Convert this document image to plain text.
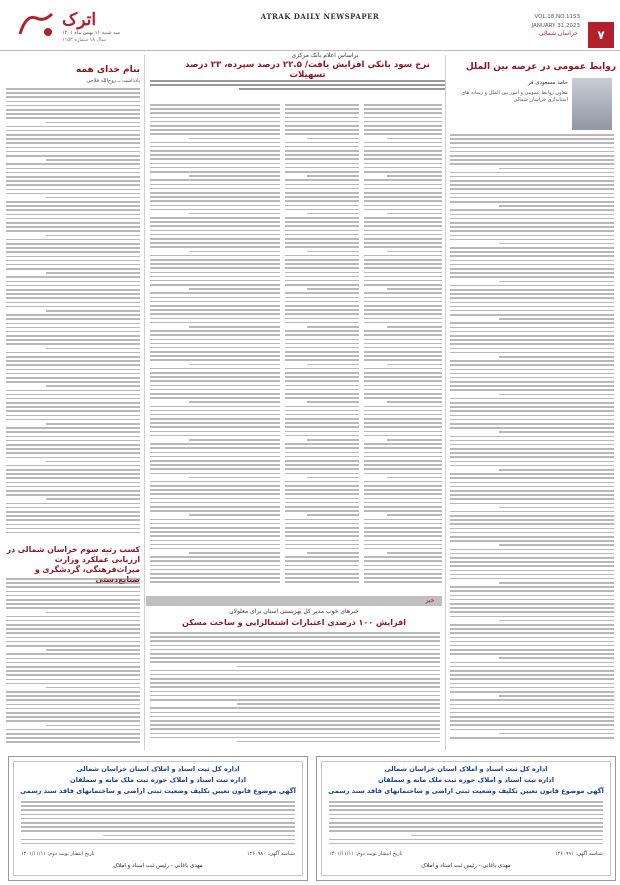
اترک
سه شنبه ۱۱ بهمن ماه ۱۴۰۱
سال ۱۸ شماره ۱۱۵۳
ATRAK DAILY NEWSPAPER	VOL.18,NO.1153
JANUARY 31,2023
خراسان شمالی	۷
روابط عمومی در عرصه بین الملل
حامد مسعودی فر
معاون روابط عمومی و امور بین الملل و رسانه های استانداری خراسان شمالی
براساس اعلام بانک مرکزی
نرخ سود بانکی افزایش یافت/ ۲۲.۵ درصد سپرده، ۲۳ درصد تسهیلات
خبر
خبرهای خوب مدیر کل بهزیستی استان برای معلولان
افزایش ۱۰۰ درصدی اعتبارات اشتغالزایی و ساخت مسکن
بنام خدای همه
یادداشت ــ روح‌الله فلاحی
کسب رتبه سوم خراسان شمالی در ارزیابی عملکرد وزارت میراث‌فرهنگی، گردشگری و
اداره کل ثبت اسناد و املاک استان خراسان شمالی
اداره ثبت اسناد و املاک حوزه ثبت ملک مانه و سملقان
آگهی موضوع قانون تعیین تکلیف وضعیت ثبتی اراضی و ساختمانهای فاقد سند رسمی
تاریخ انتشار نوبت دوم: ۱۴۰۱/۱۱/۱۱	شناسه آگهی: ۱۴۶۰۹۹۱
مهدی باغانی - رئیس ثبت اسناد و املاک
اداره کل ثبت اسناد و املاک استان خراسان شمالی
اداره ثبت اسناد و املاک حوزه ثبت ملک مانه و سملقان
آگهی موضوع قانون تعیین تکلیف وضعیت ثبتی اراضی و ساختمانهای فاقد سند رسمی
تاریخ انتشار نوبت دوم: ۱۴۰۱/۱۱/۱۱	شناسه آگهی: ۱۴۶۰۹۸۰
مهدی باغانی - رئیس ثبت اسناد و املاک
